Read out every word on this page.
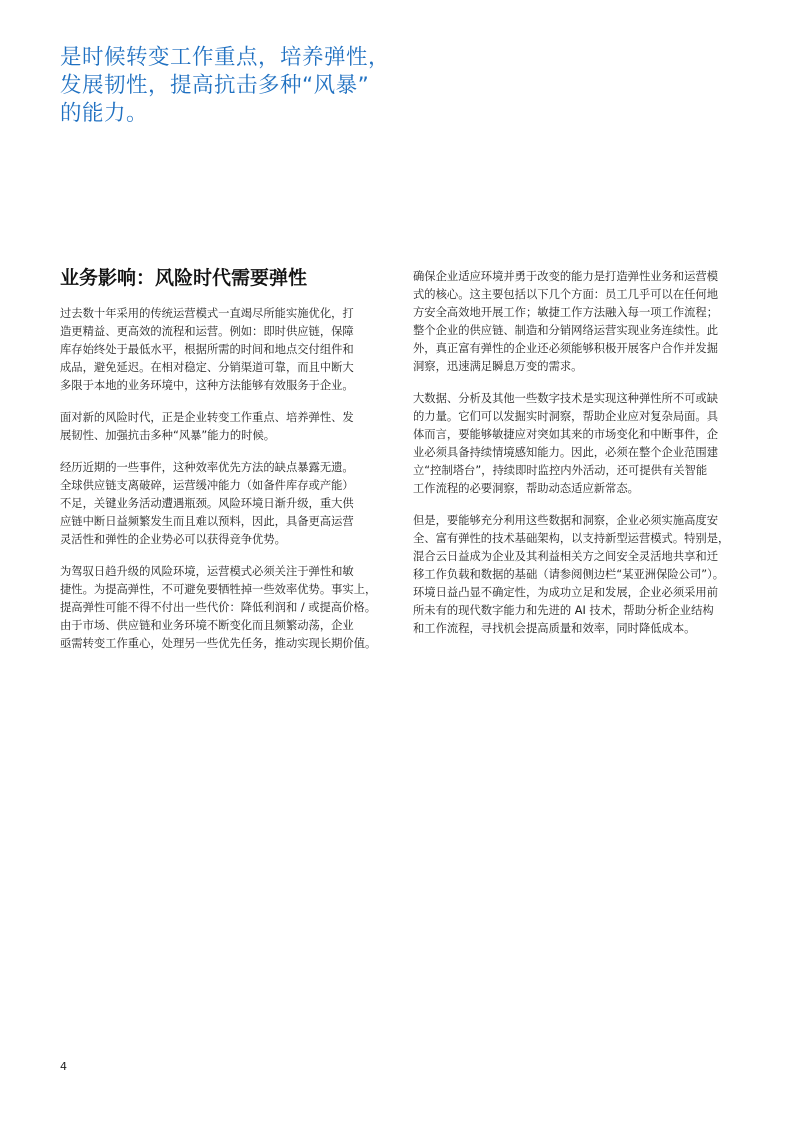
是时候转变工作重点，培养弹性，
发展韧性，提高抗击多种“风暴”
的能力。
业务影响：风险时代需要弹性

过去数十年采用的传统运营模式一直竭尽所能实施优化，打
造更精益、更高效的流程和运营。例如：即时供应链，保障
库存始终处于最低水平，根据所需的时间和地点交付组件和
成品，避免延迟。在相对稳定、分销渠道可靠，而且中断大
多限于本地的业务环境中，这种方法能够有效服务于企业。

面对新的风险时代，正是企业转变工作重点、培养弹性、发
展韧性、加强抗击多种“风暴”能力的时候。

经历近期的一些事件，这种效率优先方法的缺点暴露无遗。
全球供应链支离破碎，运营缓冲能力（如备件库存或产能）
不足，关键业务活动遭遇瓶颈。风险环境日渐升级，重大供
应链中断日益频繁发生而且难以预料，因此，具备更高运营
灵活性和弹性的企业势必可以获得竞争优势。

为驾驭日趋升级的风险环境，运营模式必须关注于弹性和敏
捷性。为提高弹性，不可避免要牺牲掉一些效率优势。事实上，
提高弹性可能不得不付出一些代价：降低利润和 / 或提高价格。
由于市场、供应链和业务环境不断变化而且频繁动荡，企业
亟需转变工作重心，处理另一些优先任务，推动实现长期价值。

确保企业适应环境并勇于改变的能力是打造弹性业务和运营模
式的核心。这主要包括以下几个方面：员工几乎可以在任何地
方安全高效地开展工作；敏捷工作方法融入每一项工作流程；
整个企业的供应链、制造和分销网络运营实现业务连续性。此
外，真正富有弹性的企业还必须能够积极开展客户合作并发掘
洞察，迅速满足瞬息万变的需求。

大数据、分析及其他一些数字技术是实现这种弹性所不可或缺
的力量。它们可以发掘实时洞察，帮助企业应对复杂局面。具
体而言，要能够敏捷应对突如其来的市场变化和中断事件，企
业必须具备持续情境感知能力。因此，必须在整个企业范围建
立“控制塔台”，持续即时监控内外活动，还可提供有关智能
工作流程的必要洞察，帮助动态适应新常态。

但是，要能够充分利用这些数据和洞察，企业必须实施高度安
全、富有弹性的技术基础架构，以支持新型运营模式。特别是，
混合云日益成为企业及其利益相关方之间安全灵活地共享和迁
移工作负载和数据的基础（请参阅侧边栏“某亚洲保险公司”）。
环境日益凸显不确定性，为成功立足和发展，企业必须采用前
所未有的现代数字能力和先进的 AI 技术，帮助分析企业结构
和工作流程，寻找机会提高质量和效率，同时降低成本。

4
